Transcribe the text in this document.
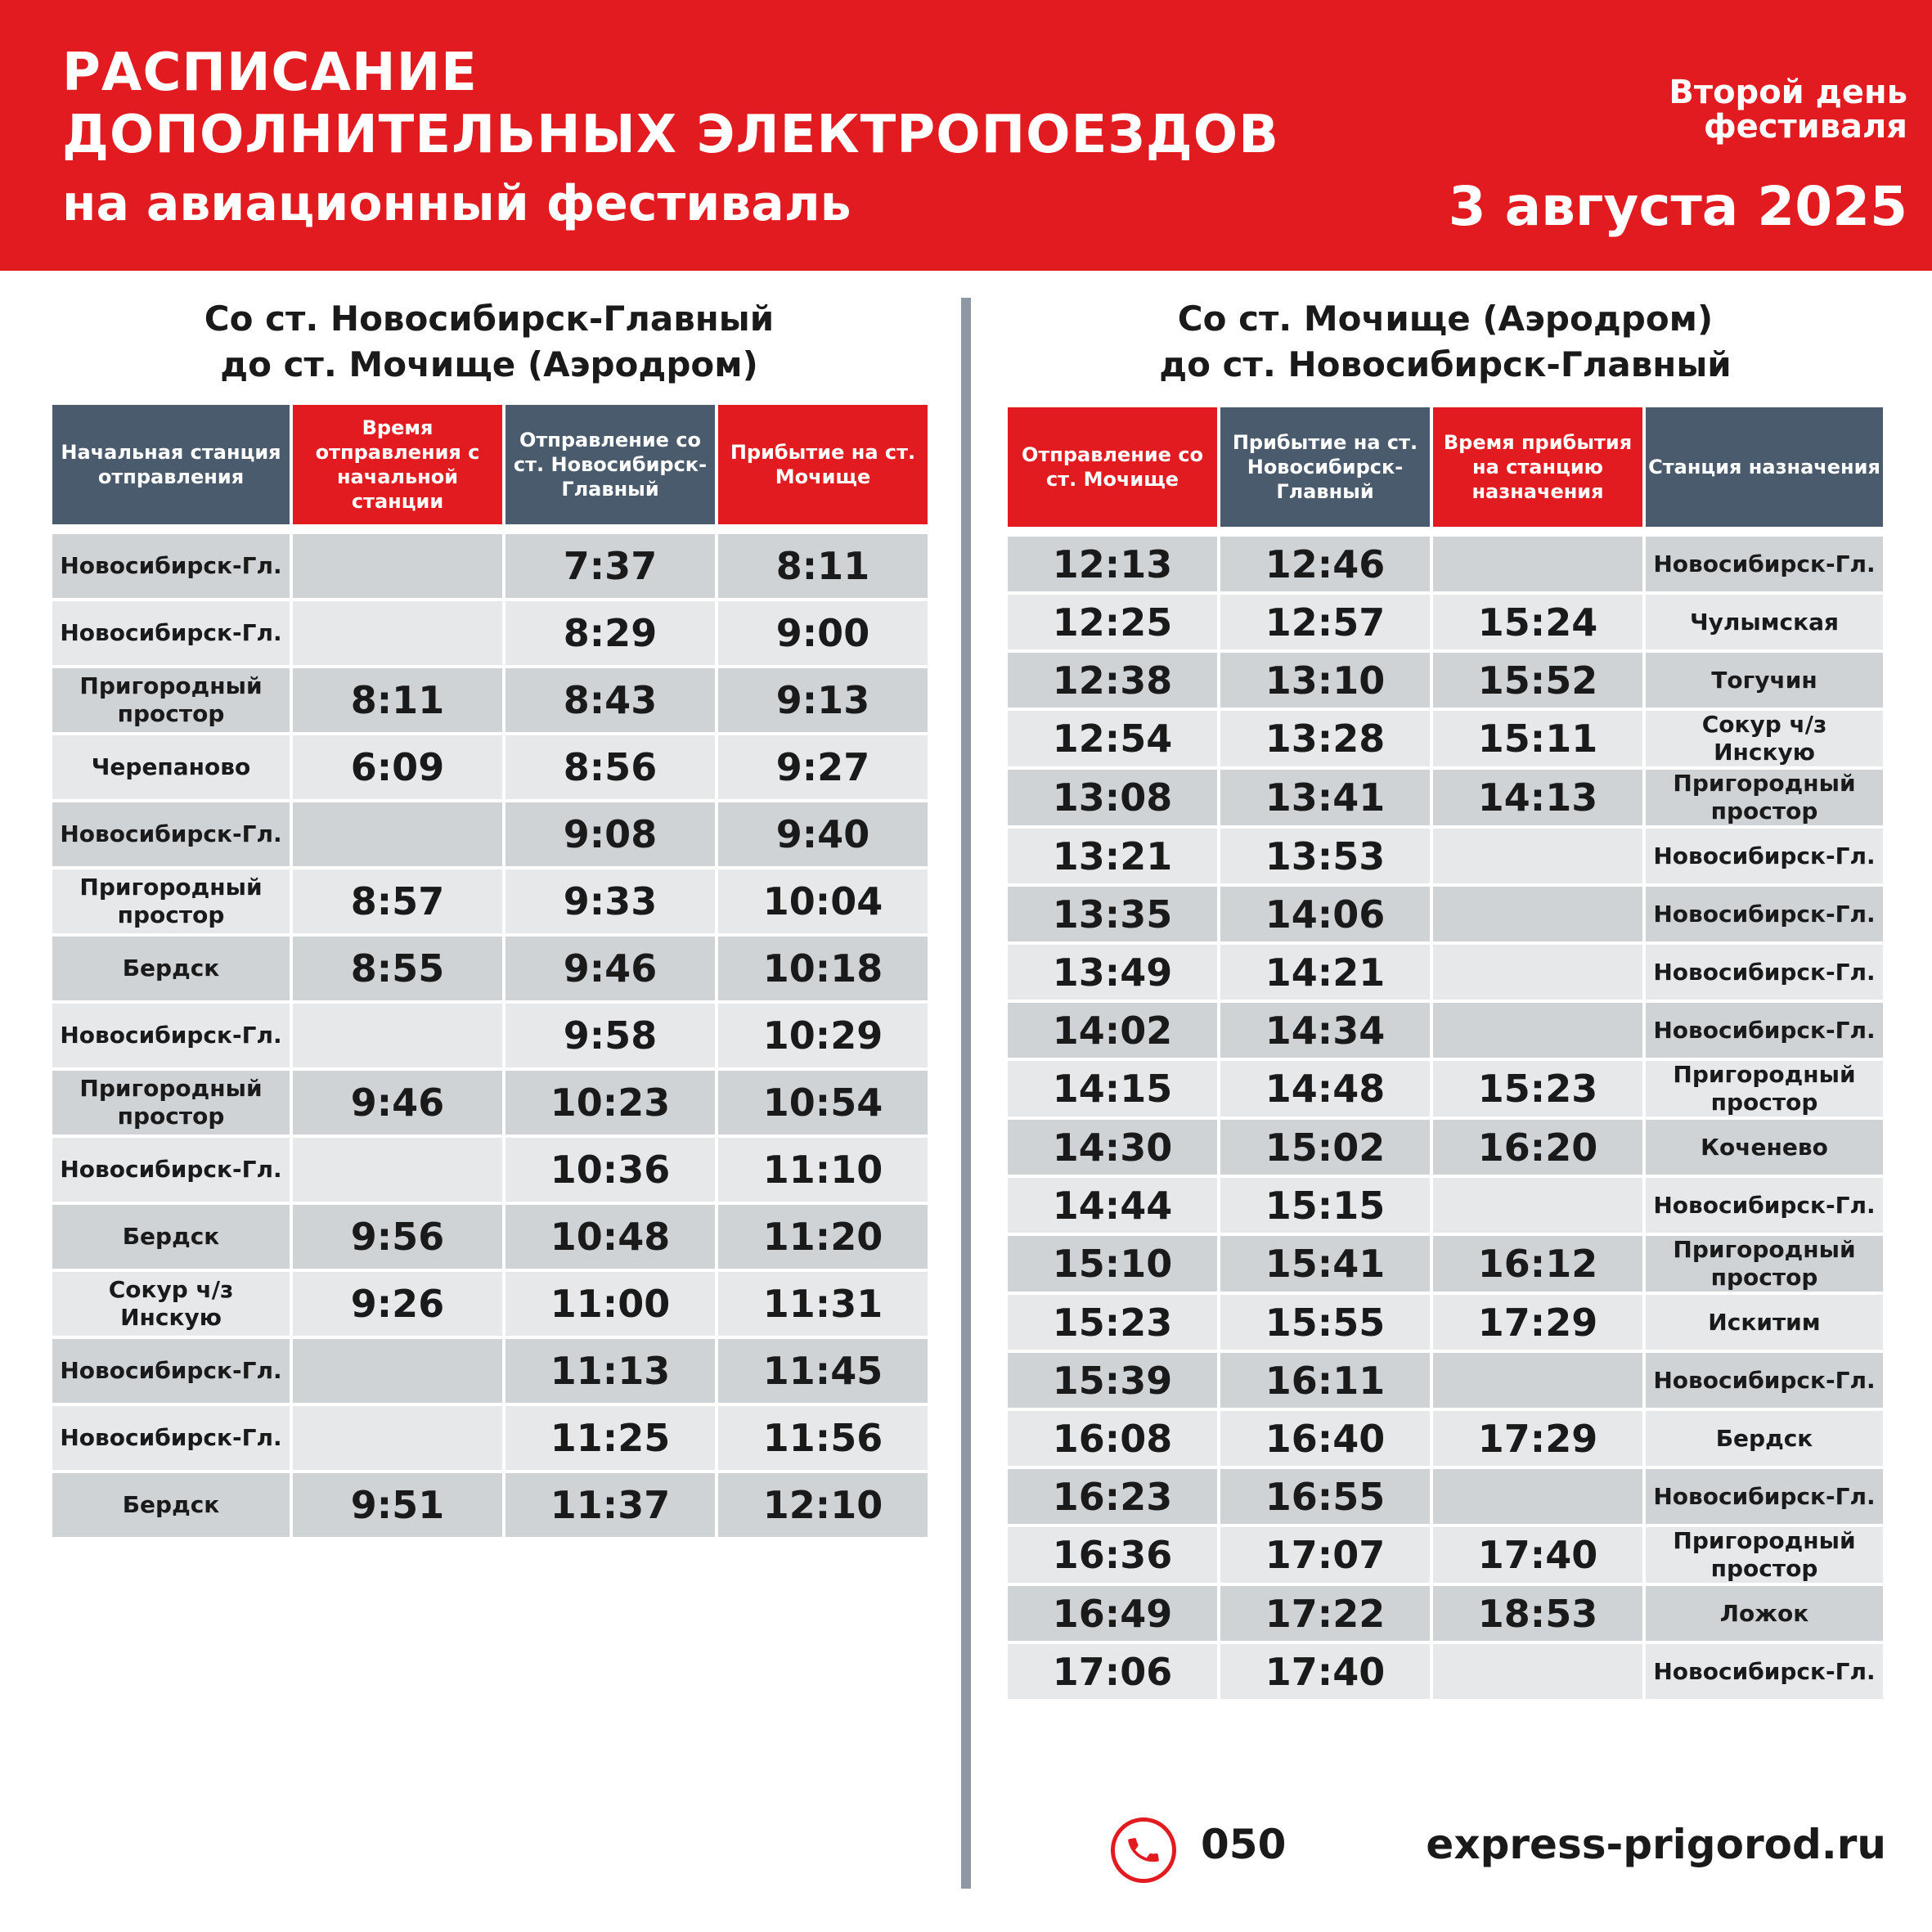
РАСПИСАНИЕ
ДОПОЛНИТЕЛЬНЫХ ЭЛЕКТРОПОЕЗДОВ
на авиационный фестиваль
Второй день
фестиваля
3 августа 2025
Со ст. Новосибирск-Главный
до ст. Мочище (Аэродром)
Со ст. Мочище (Аэродром)
до ст. Новосибирск-Главный
Начальная станция отправления	Время отправления с начальной станции	Отправление со ст. Новосибирск-Главный	Прибытие на ст. Мочище

Новосибирск-Гл.		7:37	8:11
Новосибирск-Гл.		8:29	9:00
Пригородный простор	8:11	8:43	9:13
Черепаново	6:09	8:56	9:27
Новосибирск-Гл.		9:08	9:40
Пригородный простор	8:57	9:33	10:04
Бердск	8:55	9:46	10:18
Новосибирск-Гл.		9:58	10:29
Пригородный простор	9:46	10:23	10:54
Новосибирск-Гл.		10:36	11:10
Бердск	9:56	10:48	11:20
Сокур ч/з Инскую	9:26	11:00	11:31
Новосибирск-Гл.		11:13	11:45
Новосибирск-Гл.		11:25	11:56
Бердск	9:51	11:37	12:10
Отправление со ст. Мочище	Прибытие на ст. Новосибирск-Главный	Время прибытия на станцию назначения	Станция назначения

12:13	12:46		Новосибирск-Гл.
12:25	12:57	15:24	Чулымская
12:38	13:10	15:52	Тогучин
12:54	13:28	15:11	Сокур ч/з Инскую
13:08	13:41	14:13	Пригородный простор
13:21	13:53		Новосибирск-Гл.
13:35	14:06		Новосибирск-Гл.
13:49	14:21		Новосибирск-Гл.
14:02	14:34		Новосибирск-Гл.
14:15	14:48	15:23	Пригородный простор
14:30	15:02	16:20	Коченево
14:44	15:15		Новосибирск-Гл.
15:10	15:41	16:12	Пригородный простор
15:23	15:55	17:29	Искитим
15:39	16:11		Новосибирск-Гл.
16:08	16:40	17:29	Бердск
16:23	16:55		Новосибирск-Гл.
16:36	17:07	17:40	Пригородный простор
16:49	17:22	18:53	Ложок
17:06	17:40		Новосибирск-Гл.
050	express-prigorod.ru
